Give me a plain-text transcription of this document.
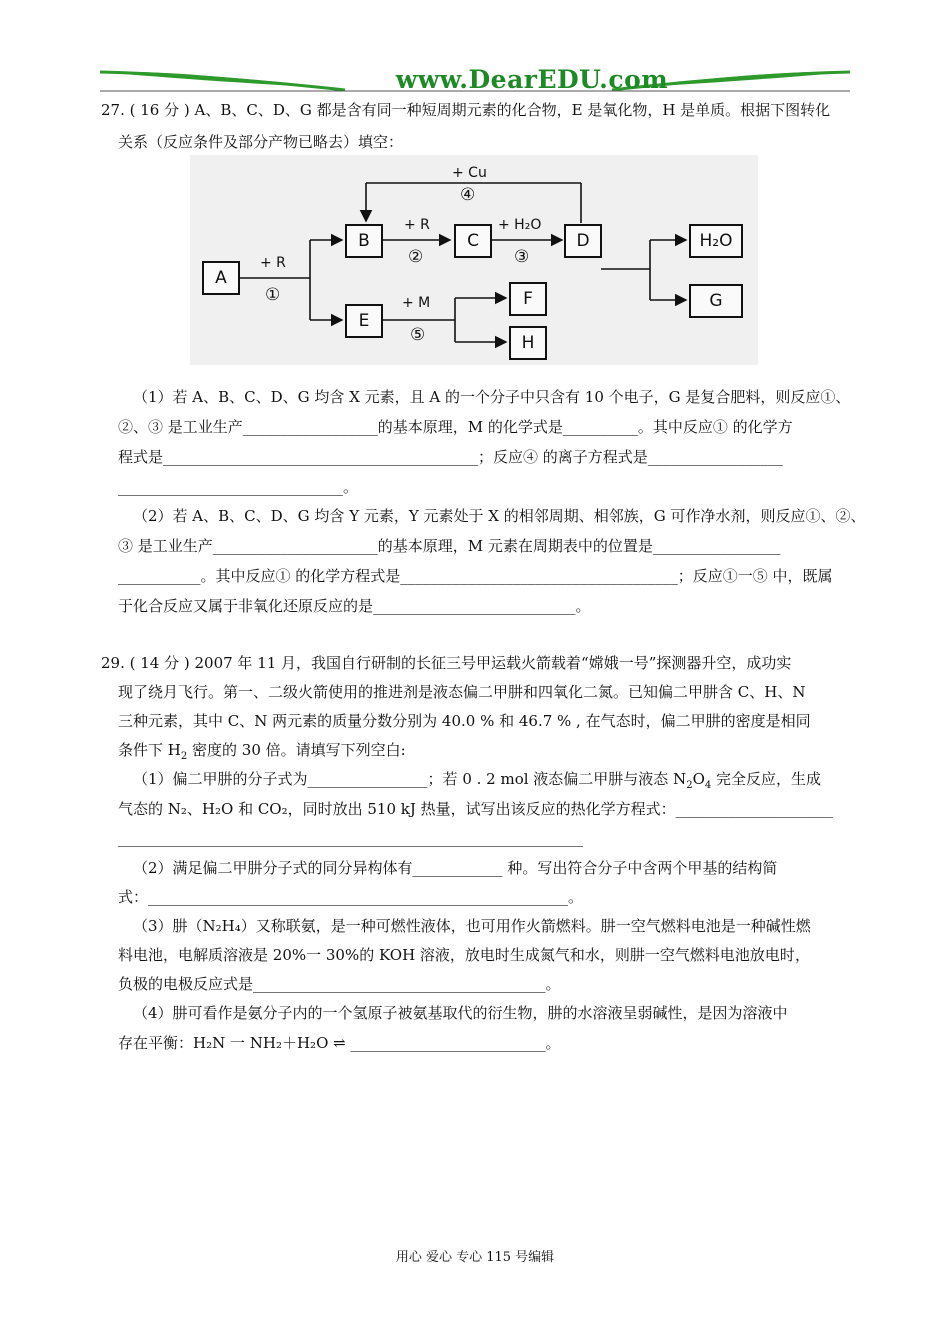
www.DearEDU.com
27. ( 16 分 ) A、B、C、D、G 都是含有同一种短周期元素的化合物，E 是氧化物，H 是单质。根据下图转化
关系（反应条件及部分产物已略去）填空：
A
B	C	D
E
F
H
H₂O
G
+ R
①
+ R
②
+ H₂O
③
+ Cu
④
+ M
⑤
（1）若 A、B、C、D、G 均含 X 元素，且 A 的一个分子中只含有 10 个电子，G 是复合肥料，则反应①、
②、③ 是工业生产__________________的基本原理，M 的化学式是__________。其中反应① 的化学方
程式是__________________________________________；反应④ 的离子方程式是__________________
______________________________。
（2）若 A、B、C、D、G 均含 Y 元素，Y 元素处于 X 的相邻周期、相邻族，G 可作净水剂，则反应①、②、
③ 是工业生产______________________的基本原理，M 元素在周期表中的位置是_________________
___________。其中反应① 的化学方程式是_____________________________________；反应①一⑤ 中，既属
于化合反应又属于非氧化还原反应的是___________________________。
29. ( 14 分 ) 2007 年 11 月，我国自行研制的长征三号甲运载火箭载着“嫦娥一号”探测器升空，成功实
现了绕月飞行。第一、二级火箭使用的推进剂是液态偏二甲肼和四氧化二氮。已知偏二甲肼含 C、H、N
三种元素，其中 C、N 两元素的质量分数分别为 40.0 % 和 46.7 % , 在气态时，偏二甲肼的密度是相同
条件下 $H_2$ 密度的 30 倍。请填写下列空白:
（1）偏二甲肼的分子式为________________；若 0 . 2 mol 液态偏二甲肼与液态 $N_2O_4$ 完全反应，生成
气态的 N₂、H₂O 和 CO₂，同时放出 510 kJ 热量，试写出该反应的热化学方程式：_____________________
______________________________________________________________
（2）满足偏二甲肼分子式的同分异构体有____________ 种。写出符合分子中含两个甲基的结构简
式：________________________________________________________。
（3）肼（N₂H₄）又称联氨，是一种可燃性液体，也可用作火箭燃料。肼一空气燃料电池是一种碱性燃
料电池，电解质溶液是 20%一 30%的 KOH 溶液，放电时生成氮气和水，则肼一空气燃料电池放电时，
负极的电极反应式是_______________________________________。
（4）肼可看作是氨分子内的一个氢原子被氨基取代的衍生物，肼的水溶液呈弱碱性，是因为溶液中
存在平衡：H₂N 一 NH₂＋H₂O ⇌ __________________________。
用心 爱心 专心 115 号编辑
